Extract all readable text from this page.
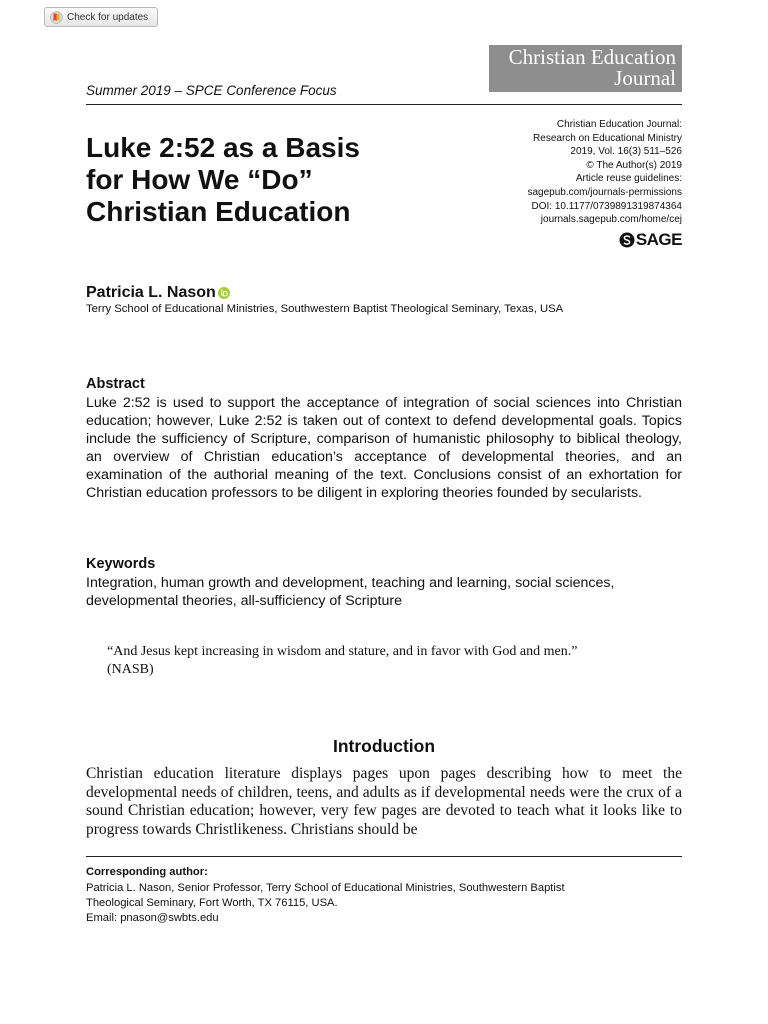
Check for updates
Christian Education
Journal
Summer 2019 – SPCE Conference Focus
Luke 2:52 as a Basis
for How We “Do”
Christian Education
Christian Education Journal:
Research on Educational Ministry
2019, Vol. 16(3) 511–526
© The Author(s) 2019
Article reuse guidelines:
sagepub.com/journals-permissions
DOI: 10.1177/0739891319874364
journals.sagepub.com/home/cej
SAGE
Patricia L. Nason
Terry School of Educational Ministries, Southwestern Baptist Theological Seminary, Texas, USA
Abstract
Luke 2:52 is used to support the acceptance of integration of social sciences into Christian education; however, Luke 2:52 is taken out of context to defend developmental goals. Topics include the sufficiency of Scripture, comparison of humanistic philosophy to biblical theology, an overview of Christian education’s acceptance of developmental theories, and an examination of the authorial meaning of the text. Conclusions consist of an exhortation for Christian education professors to be diligent in exploring theories founded by secularists.
Keywords
Integration, human growth and development, teaching and learning, social sciences, developmental theories, all-sufficiency of Scripture
“And Jesus kept increasing in wisdom and stature, and in favor with God and men.”
(NASB)
Introduction
Christian education literature displays pages upon pages describing how to meet the developmental needs of children, teens, and adults as if developmental needs were the crux of a sound Christian education; however, very few pages are devoted to teach what it looks like to progress towards Christlikeness. Christians should be
Corresponding author:
Patricia L. Nason, Senior Professor, Terry School of Educational Ministries, Southwestern Baptist
Theological Seminary, Fort Worth, TX 76115, USA.
Email: pnason@swbts.edu
